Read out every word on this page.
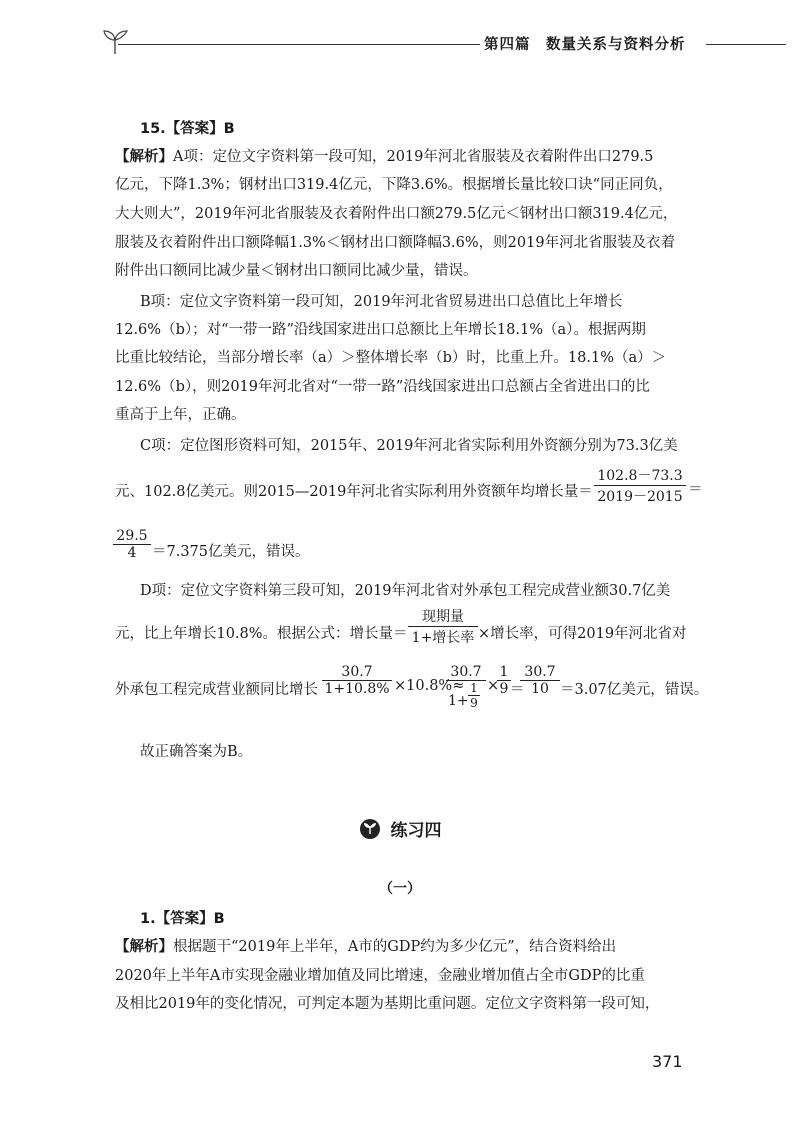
第四篇　数量关系与资料分析
15.【答案】B
【解析】A项：定位文字资料第一段可知，2019年河北省服装及衣着附件出口279.5
亿元，下降1.3%；钢材出口319.4亿元，下降3.6%。根据增长量比较口诀“同正同负，
大大则大”，2019年河北省服装及衣着附件出口额279.5亿元＜钢材出口额319.4亿元，
服装及衣着附件出口额降幅1.3%＜钢材出口额降幅3.6%，则2019年河北省服装及衣着
附件出口额同比减少量＜钢材出口额同比减少量，错误。
B项：定位文字资料第一段可知，2019年河北省贸易进出口总值比上年增长
12.6%（b）；对“一带一路”沿线国家进出口总额比上年增长18.1%（a）。根据两期
比重比较结论，当部分增长率（a）＞整体增长率（b）时，比重上升。18.1%（a）＞
12.6%（b），则2019年河北省对“一带一路”沿线国家进出口总额占全省进出口的比
重高于上年，正确。
C项：定位图形资料可知，2015年、2019年河北省实际利用外资额分别为73.3亿美
元、102.8亿美元。则2015—2019年河北省实际利用外资额年均增长量＝ $\frac{102.8-73.3}{2019-2015}$ ＝
$\frac{29.5}{4} =7.375$亿美元，错误。
D项：定位文字资料第三段可知，2019年河北省对外承包工程完成营业额30.7亿美
元，比上年增长10.8%。根据公式：增长量＝
现期量
1+增长率 ×增长率，可得2019年河北省对
外承包工程完成营业额同比增长 $\frac{30.7}{1+10.8\%} \times 10.8\%\approx$
$\frac{30.7}{1+ \frac{1}{9}}$ ×
$\frac{1}{9}$ ＝
$\frac{30.7}{10} =3.07$亿美元，错误。
故正确答案为B。
练习四
（一）
1.【答案】B
【解析】根据题干“2019年上半年，A市的GDP约为多少亿元”，结合资料给出
2020年上半年A市实现金融业增加值及同比增速，金融业增加值占全市GDP的比重
及相比2019年的变化情况，可判定本题为基期比重问题。定位文字资料第一段可知，
371
